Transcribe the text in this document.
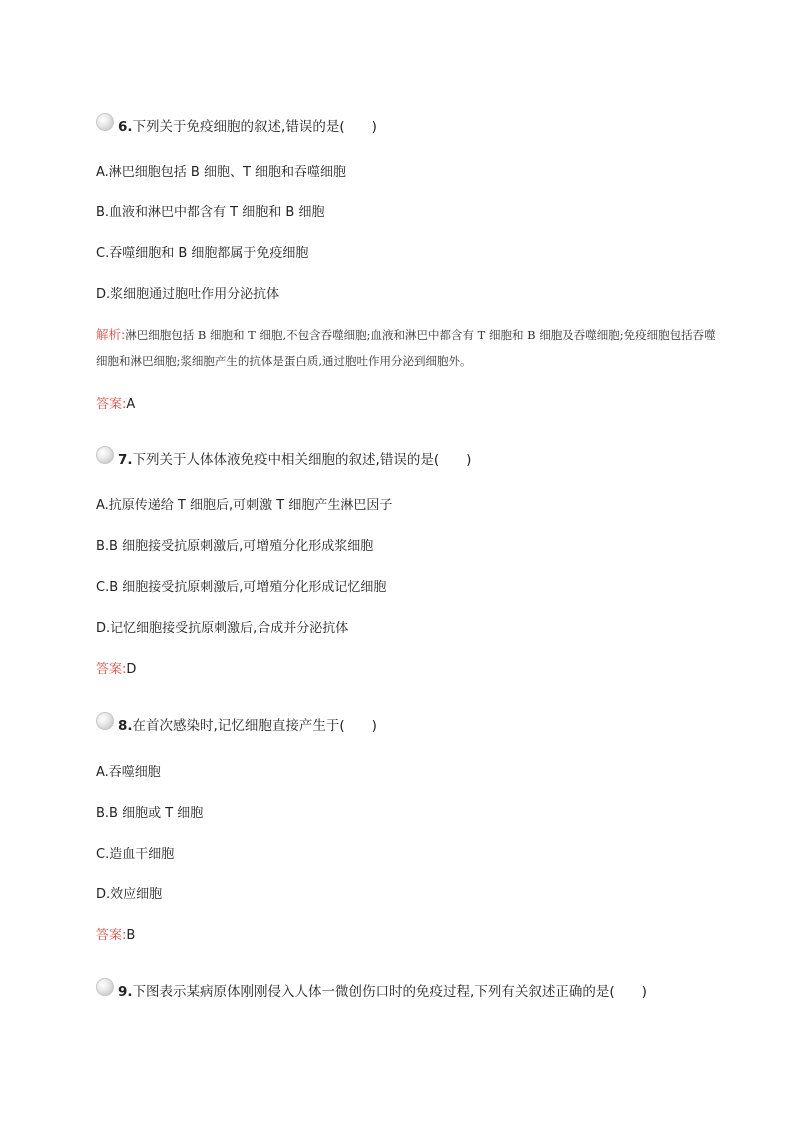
6.下列关于免疫细胞的叙述,错误的是(　　)
A.淋巴细胞包括 B 细胞、T 细胞和吞噬细胞
B.血液和淋巴中都含有 T 细胞和 B 细胞
C.吞噬细胞和 B 细胞都属于免疫细胞
D.浆细胞通过胞吐作用分泌抗体
解析:淋巴细胞包括 B 细胞和 T 细胞,不包含吞噬细胞;血液和淋巴中都含有 T 细胞和 B 细胞及吞噬细胞;免疫细胞包括吞噬细胞和淋巴细胞;浆细胞产生的抗体是蛋白质,通过胞吐作用分泌到细胞外。
答案:A
7.下列关于人体体液免疫中相关细胞的叙述,错误的是(　　)
A.抗原传递给 T 细胞后,可刺激 T 细胞产生淋巴因子
B.B 细胞接受抗原刺激后,可增殖分化形成浆细胞
C.B 细胞接受抗原刺激后,可增殖分化形成记忆细胞
D.记忆细胞接受抗原刺激后,合成并分泌抗体
答案:D
8.在首次感染时,记忆细胞直接产生于(　　)
A.吞噬细胞
B.B 细胞或 T 细胞
C.造血干细胞
D.效应细胞
答案:B
9.下图表示某病原体刚刚侵入人体一微创伤口时的免疫过程,下列有关叙述正确的是(　　)
